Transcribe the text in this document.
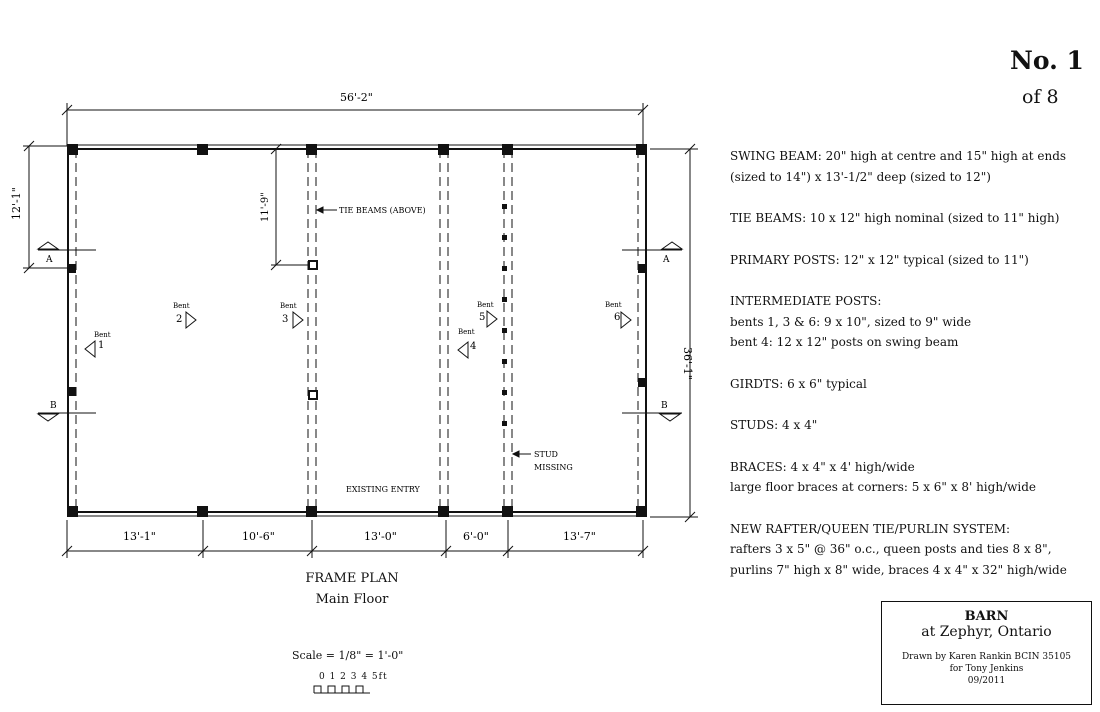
56'-2"
36'-1"
12'-1"	11'-9"
Bent
1
Bent
2
Bent
3
Bent
4
Bent
5
Bent
6
A	A
B	B
TIE BEAMS (ABOVE)
STUD
MISSING
EXISTING ENTRY
13'-1"	10'-6"	13'-0"	6'-0"	13'-7"
No. 1
of 8

SWING BEAM: 20" high at centre and 15" high at ends
(sized to 14") x 13'-1/2" deep (sized to 12")

TIE BEAMS: 10 x 12" high nominal (sized to 11" high)

PRIMARY POSTS: 12" x 12" typical (sized to 11")

INTERMEDIATE POSTS:
bents 1, 3 & 6: 9 x 10", sized to 9" wide
bent 4: 12 x 12" posts on swing beam

GIRDTS: 6 x 6" typical

STUDS: 4 x 4"

BRACES: 4 x 4" x 4' high/wide
large floor braces at corners: 5 x 6" x 8' high/wide

NEW RAFTER/QUEEN TIE/PURLIN SYSTEM:
rafters 3 x 5" @ 36" o.c., queen posts and ties 8 x 8",
purlins 7" high x 8" wide, braces 4 x 4" x 32" high/wide

FRAME PLAN
Main Floor
Scale = 1/8" = 1'-0"
0 1 2 3 4 5ft
BARN
at Zephyr, Ontario
Drawn by Karen Rankin BCIN 35105
for Tony Jenkins
09/2011
